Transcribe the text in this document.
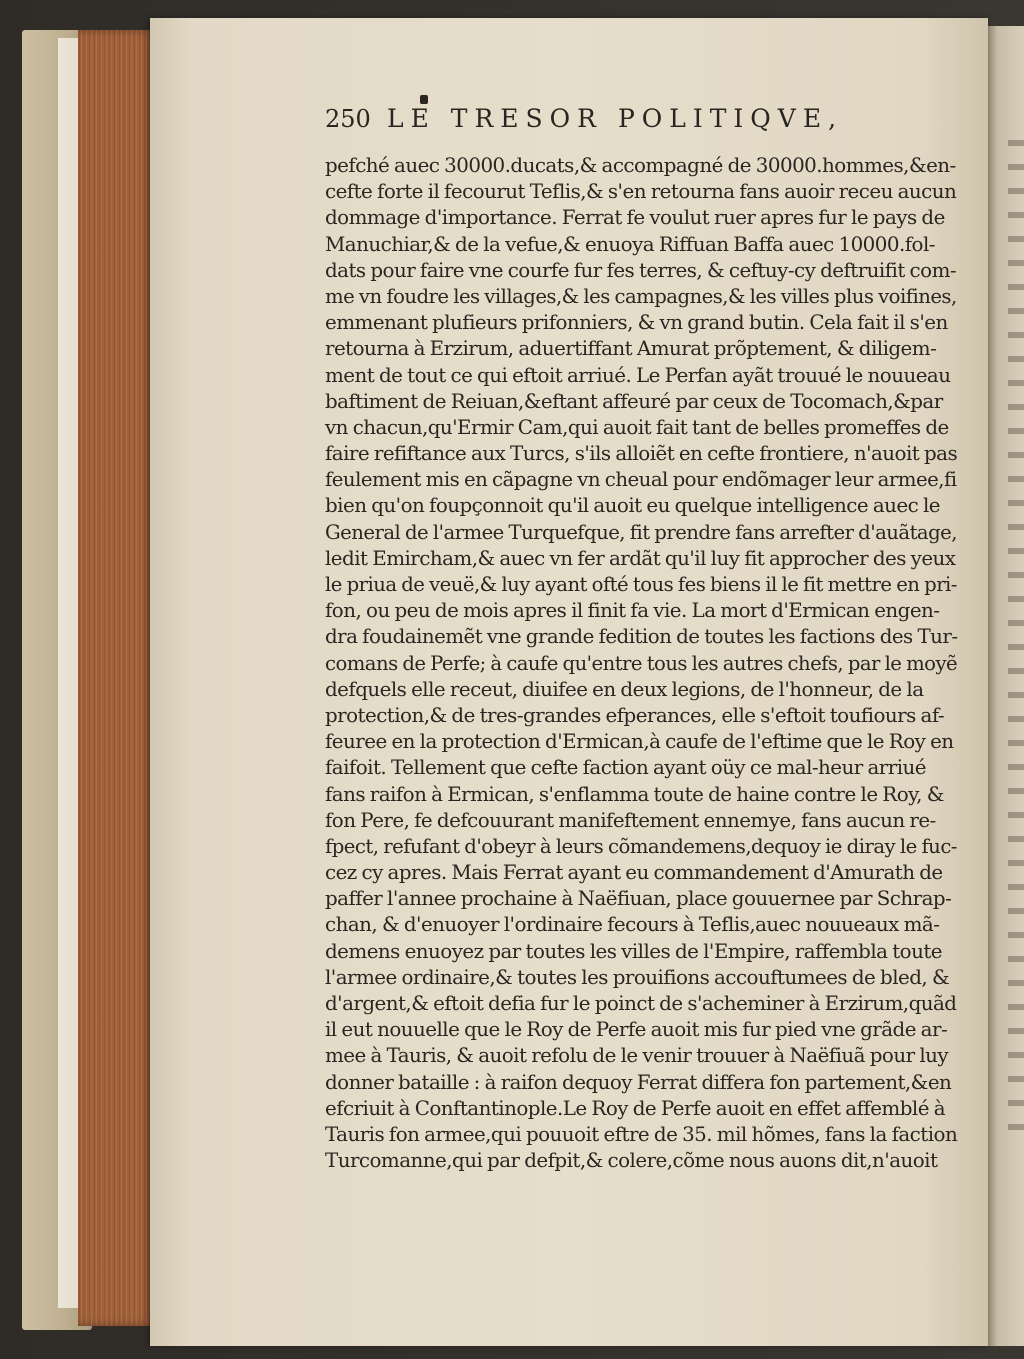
250 LE TRESOR POLITIQVE,
pefché auec 30000.ducats,& accompagné de 30000.hommes,&en-
cefte forte il fecourut Teflis,& s'en retourna fans auoir receu aucun
dommage d'importance. Ferrat fe voulut ruer apres fur le pays de
Manuchiar,& de la vefue,& enuoya Riffuan Baffa auec 10000.fol-
dats pour faire vne courfe fur fes terres, & ceftuy-cy deftruifit com-
me vn foudre les villages,& les campagnes,& les villes plus voifines,
emmenant plufieurs prifonniers, & vn grand butin. Cela fait il s'en
retourna à Erzirum, aduertiffant Amurat prõptement, & diligem-
ment de tout ce qui eftoit arriué. Le Perfan ayãt trouué le nouueau
baftiment de Reiuan,&eftant affeuré par ceux de Tocomach,&par
vn chacun,qu'Ermir Cam,qui auoit fait tant de belles promeffes de
faire refiftance aux Turcs, s'ils alloiẽt en cefte frontiere, n'auoit pas
feulement mis en cãpagne vn cheual pour endõmager leur armee,fi
bien qu'on foupçonnoit qu'il auoit eu quelque intelligence auec le
General de l'armee Turquefque, fit prendre fans arrefter d'auãtage,
ledit Emircham,& auec vn fer ardãt qu'il luy fit approcher des yeux
le priua de veuë,& luy ayant ofté tous fes biens il le fit mettre en pri-
fon, ou peu de mois apres il finit fa vie. La mort d'Ermican engen-
dra foudainemẽt vne grande fedition de toutes les factions des Tur-
comans de Perfe; à caufe qu'entre tous les autres chefs, par le moyẽ
defquels elle receut, diuifee en deux legions, de l'honneur, de la
protection,& de tres-grandes efperances, elle s'eftoit toufiours af-
feuree en la protection d'Ermican,à caufe de l'eftime que le Roy en
faifoit. Tellement que cefte faction ayant oüy ce mal-heur arriué
fans raifon à Ermican, s'enflamma toute de haine contre le Roy, &
fon Pere, fe defcouurant manifeftement ennemye, fans aucun re-
fpect, refufant d'obeyr à leurs cõmandemens,dequoy ie diray le fuc-
cez cy apres. Mais Ferrat ayant eu commandement d'Amurath de
paffer l'annee prochaine à Naëfiuan, place gouuernee par Schrap-
chan, & d'enuoyer l'ordinaire fecours à Teflis,auec nouueaux mã-
demens enuoyez par toutes les villes de l'Empire, raffembla toute
l'armee ordinaire,& toutes les prouifions accouftumees de bled, &
d'argent,& eftoit defia fur le poinct de s'acheminer à Erzirum,quãd
il eut nouuelle que le Roy de Perfe auoit mis fur pied vne grãde ar-
mee à Tauris, & auoit refolu de le venir trouuer à Naëfiuã pour luy
donner bataille : à raifon dequoy Ferrat differa fon partement,&en
efcriuit à Conftantinople.Le Roy de Perfe auoit en effet affemblé à
Tauris fon armee,qui pouuoit eftre de 35. mil hõmes, fans la faction
Turcomanne,qui par defpit,& colere,cõme nous auons dit,n'auoit
